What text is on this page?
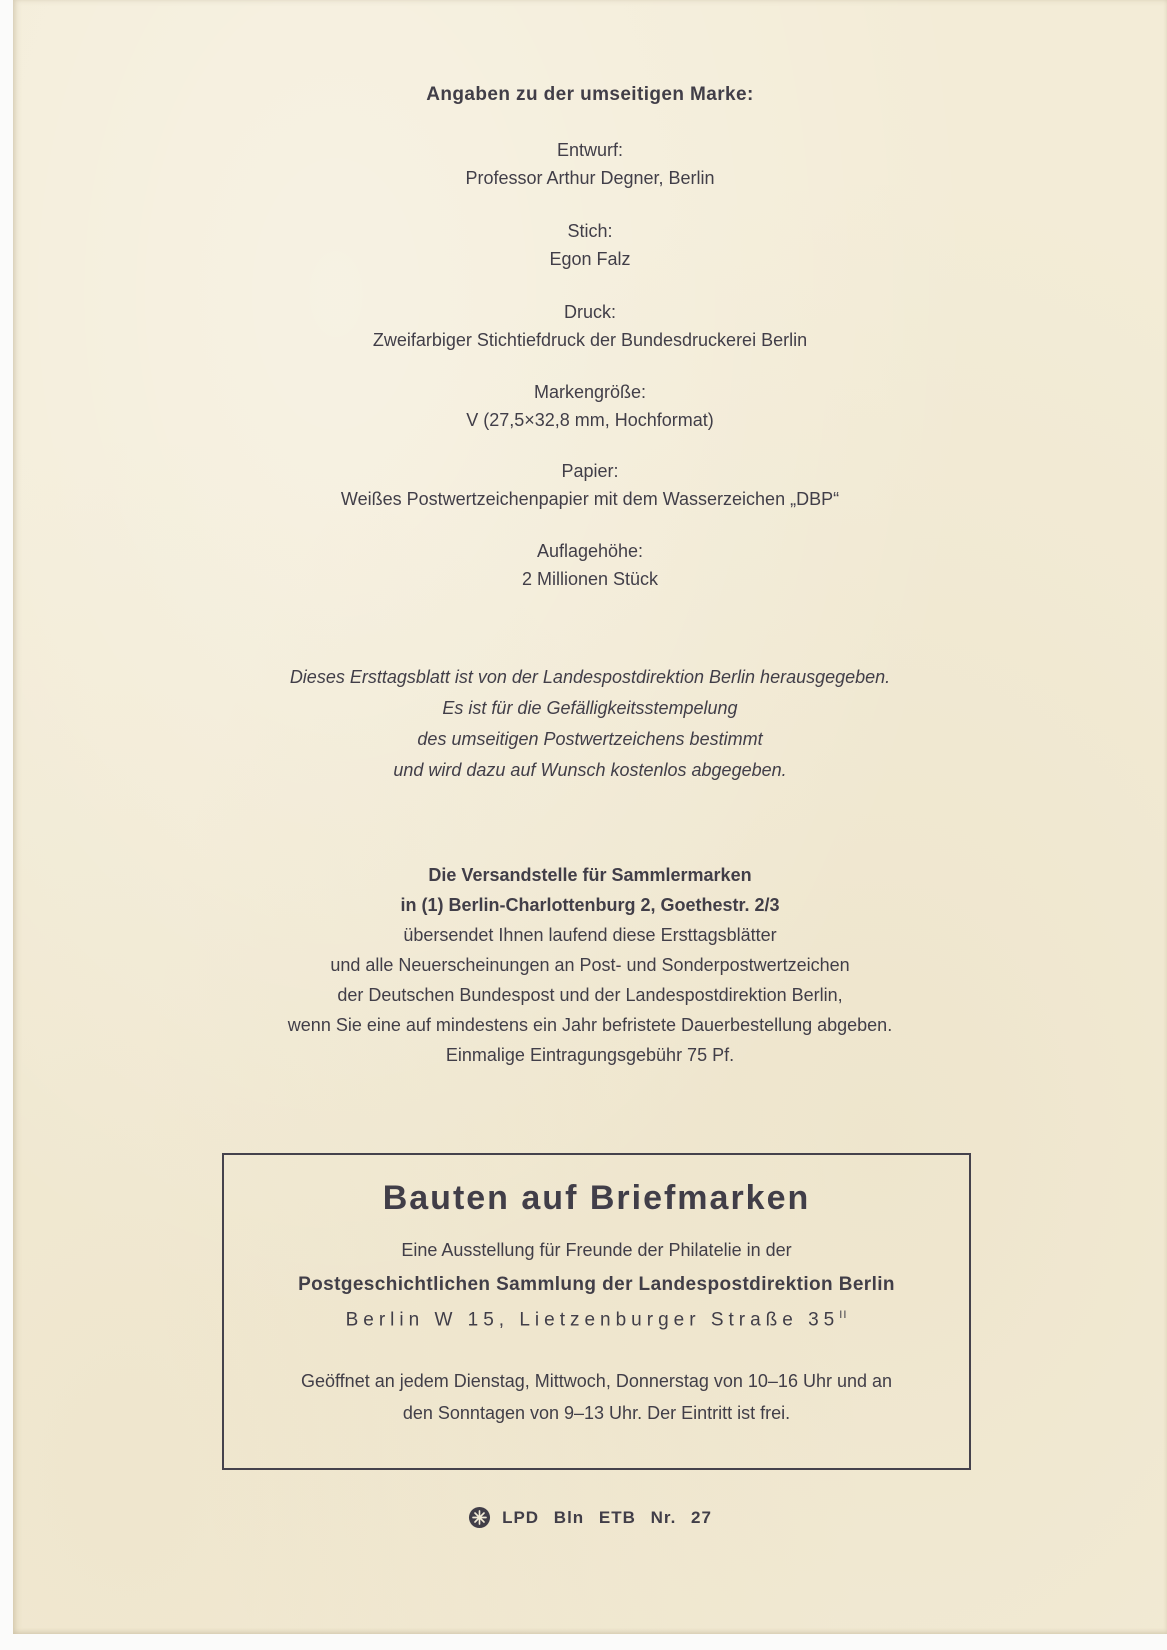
Angaben zu der umseitigen Marke:
Entwurf:
Professor Arthur Degner, Berlin
Stich:
Egon Falz
Druck:
Zweifarbiger Stichtiefdruck der Bundesdruckerei Berlin
Markengröße:
V (27,5×32,8 mm, Hochformat)
Papier:
Weißes Postwertzeichenpapier mit dem Wasserzeichen „DBP“
Auflagehöhe:
2 Millionen Stück
Dieses Ersttagsblatt ist von der Landespostdirektion Berlin herausgegeben.
Es ist für die Gefälligkeitsstempelung
des umseitigen Postwertzeichens bestimmt
und wird dazu auf Wunsch kostenlos abgegeben.
Die Versandstelle für Sammlermarken
in (1) Berlin-Charlottenburg 2, Goethestr. 2/3
übersendet Ihnen laufend diese Ersttagsblätter
und alle Neuerscheinungen an Post- und Sonderpostwertzeichen
der Deutschen Bundespost und der Landespostdirektion Berlin,
wenn Sie eine auf mindestens ein Jahr befristete Dauerbestellung abgeben.
Einmalige Eintragungsgebühr 75 Pf.
Bauten auf Briefmarken
Eine Ausstellung für Freunde der Philatelie in der
Postgeschichtlichen Sammlung der Landespostdirektion Berlin
Berlin W 15, Lietzenburger Straße $35^{II}$
Geöffnet an jedem Dienstag, Mittwoch, Donnerstag von 10–16 Uhr und an
den Sonntagen von 9–13 Uhr. Der Eintritt ist frei.
LPD Bln ETB Nr. 27
